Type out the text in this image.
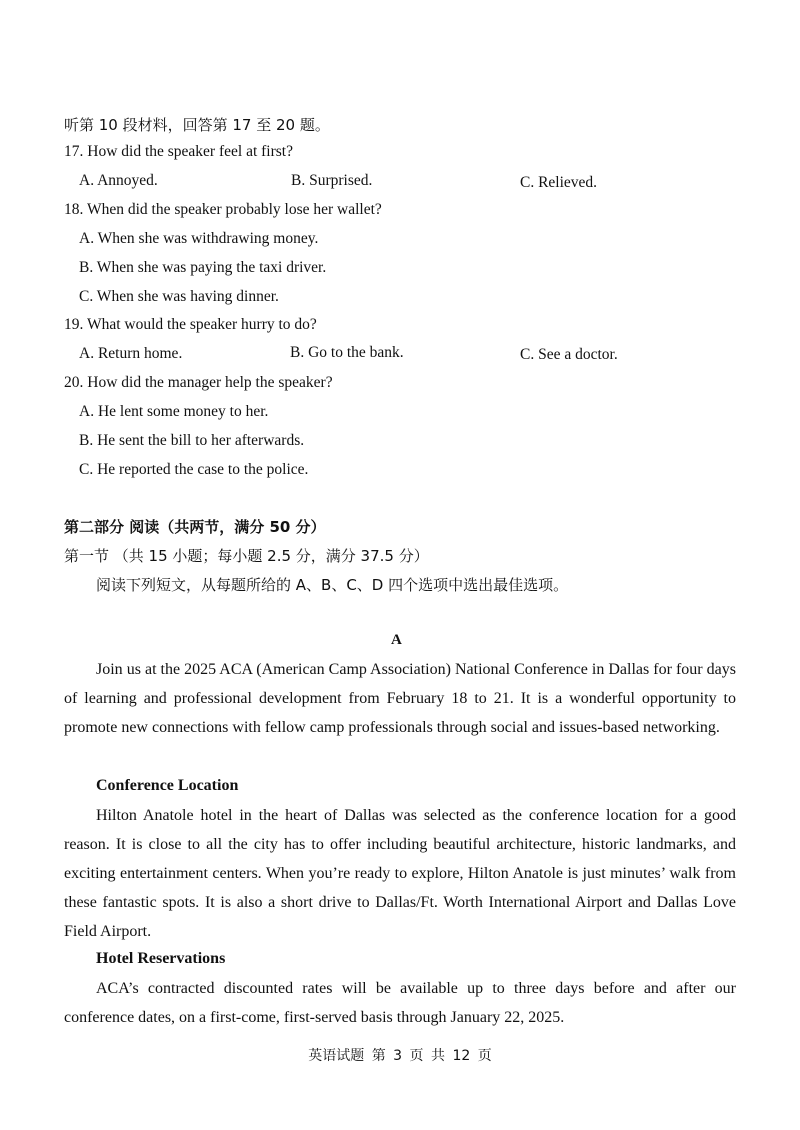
听第 10 段材料，回答第 17 至 20 题。
17. How did the speaker feel at first?
A. Annoyed.	B. Surprised.	C. Relieved.
18. When did the speaker probably lose her wallet?
A. When she was withdrawing money.
B. When she was paying the taxi driver.
C. When she was having dinner.
19. What would the speaker hurry to do?
A. Return home.	B. Go to the bank.	C. See a doctor.
20. How did the manager help the speaker?
A. He lent some money to her.
B. He sent the bill to her afterwards.
C. He reported the case to the police.
第二部分 阅读（共两节，满分 50 分）
第一节 （共 15 小题；每小题 2.5 分，满分 37.5 分）
阅读下列短文，从每题所给的 A、B、C、D 四个选项中选出最佳选项。
A
Join us at the 2025 ACA (American Camp Association) National Conference in Dallas for four days of learning and professional development from February 18 to 21. It is a wonderful opportunity to promote new connections with fellow camp professionals through social and issues-based networking.
Conference Location
Hilton Anatole hotel in the heart of Dallas was selected as the conference location for a good reason. It is close to all the city has to offer including beautiful architecture, historic landmarks, and exciting entertainment centers. When you’re ready to explore, Hilton Anatole is just minutes’ walk from these fantastic spots. It is also a short drive to Dallas/Ft. Worth International Airport and Dallas Love Field Airport.
Hotel Reservations
ACA’s contracted discounted rates will be available up to three days before and after our conference dates, on a first-come, first-served basis through January 22, 2025.
英语试题 第 3 页 共 12 页
